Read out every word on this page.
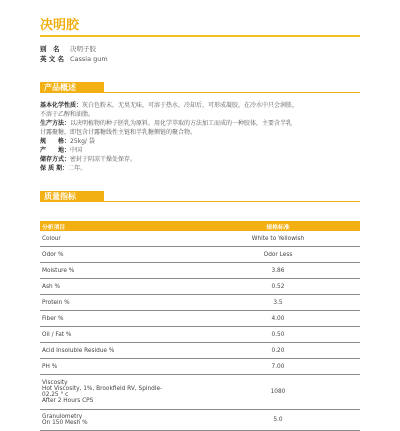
决明胶
别　名 决明子胶
英 文 名 Cassia gum
产品概述
基本化学性质：灰白色粉末，无臭无味，可溶于热水，冷却后，可形成凝胶，在冷水中只会润胀，
不溶于乙醇和油脂。
生产方法：以决明植物的种子胚乳为原料，用化学萃取的方法加工而成的一种胶体，主要含半乳
甘露聚糖，即包含甘露糖线性主链和半乳糖侧链的聚合物。
规　　格：25kg/ 袋
产　　地：中国
储存方式：密封于阴凉干燥处保存。
保 质 期：二年。
质量指标
分析项目	规格标准
Colour	White to Yellowish
Odor %	Odor Less
Moisture %	3.86
Ash %	0.52
Protein %	3.5
Fiber %	4.00
Oil / Fat %	0.50
Acid Insoluble Residue %	0.20
PH %	7.00
Viscosity
Hot Viscosity, 1%, Brookfield RV, Spindle-
02,25 ° c
After 2 Hours CPS	1080
Granulometry
On 150 Mesh %	5.0
